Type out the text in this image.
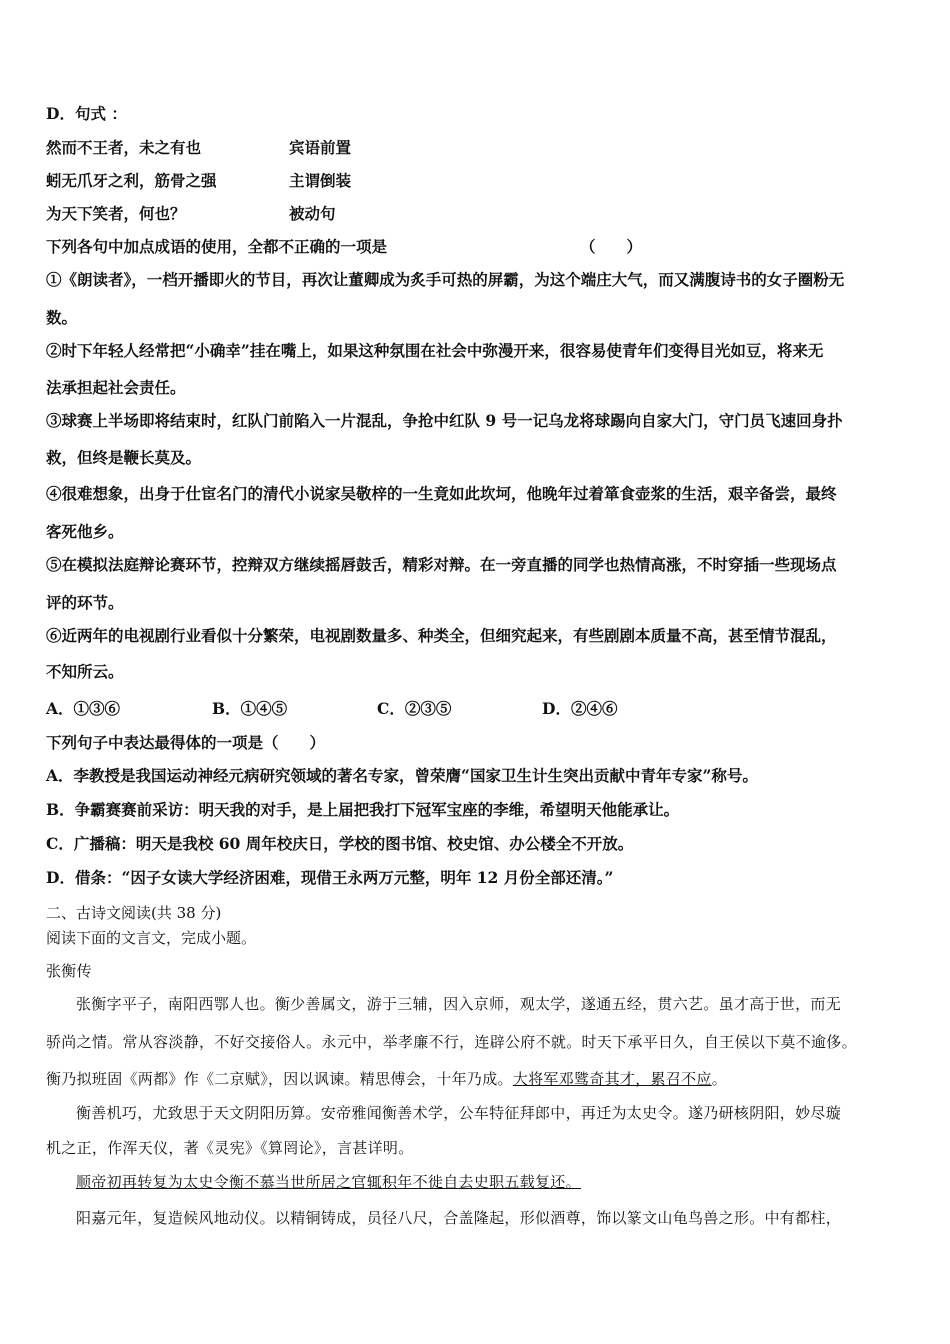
D．句式 ：
然而不王者，未之有也	宾语前置
蚓无爪牙之利，筋骨之强	主谓倒装
为天下笑者，何也？	被动句
下列各句中加点成语的使用，全都不正确的一项是	（　　）
①《朗读者》，一档开播即火的节目，再次让董卿成为炙手可热的屏霸，为这个端庄大气，而又满腹诗书的女子圈粉无
数。
②时下年轻人经常把“小确幸”挂在嘴上，如果这种氛围在社会中弥漫开来，很容易使青年们变得目光如豆，将来无
法承担起社会责任。
③球赛上半场即将结束时，红队门前陷入一片混乱，争抢中红队 9 号一记乌龙将球踢向自家大门，守门员飞速回身扑
救，但终是鞭长莫及。
④很难想象，出身于仕宦名门的清代小说家吴敬梓的一生竟如此坎坷，他晚年过着箪食壶浆的生活，艰辛备尝，最终
客死他乡。
⑤在模拟法庭辩论赛环节，控辩双方继续摇唇鼓舌，精彩对辩。在一旁直播的同学也热情高涨，不时穿插一些现场点
评的环节。
⑥近两年的电视剧行业看似十分繁荣，电视剧数量多、种类全，但细究起来，有些剧剧本质量不高，甚至情节混乱，
不知所云。
A．①③⑥	B．①④⑤	C．②③⑤	D．②④⑥
下列句子中表达最得体的一项是（　　）
A．李教授是我国运动神经元病研究领域的著名专家，曾荣膺“国家卫生计生突出贡献中青年专家”称号。
B．争霸赛赛前采访：明天我的对手，是上届把我打下冠军宝座的李维，希望明天他能承让。
C．广播稿：明天是我校 60 周年校庆日，学校的图书馆、校史馆、办公楼全不开放。
D．借条：“因子女读大学经济困难，现借王永两万元整，明年 12 月份全部还清。”
二、古诗文阅读(共 38 分)
阅读下面的文言文，完成小题。
张衡传
张衡字平子，南阳西鄂人也。衡少善属文，游于三辅，因入京师，观太学，遂通五经，贯六艺。虽才高于世，而无
骄尚之情。常从容淡静，不好交接俗人。永元中，举孝廉不行，连辟公府不就。时天下承平日久，自王侯以下莫不逾侈。
衡乃拟班固《两都》作《二京赋》，因以讽谏。精思傅会，十年乃成。大将军邓骘奇其才，累召不应。
衡善机巧，尤致思于天文阴阳历算。安帝雅闻衡善术学，公车特征拜郎中，再迁为太史令。遂乃研核阴阳，妙尽璇
机之正，作浑天仪，著《灵宪》《算罔论》，言甚详明。
顺帝初再转复为太史令衡不慕当世所居之官辄积年不徙自去史职五载复还。
阳嘉元年，复造候风地动仪。以精铜铸成，员径八尺，合盖隆起，形似酒尊，饰以篆文山龟鸟兽之形。中有都柱，
